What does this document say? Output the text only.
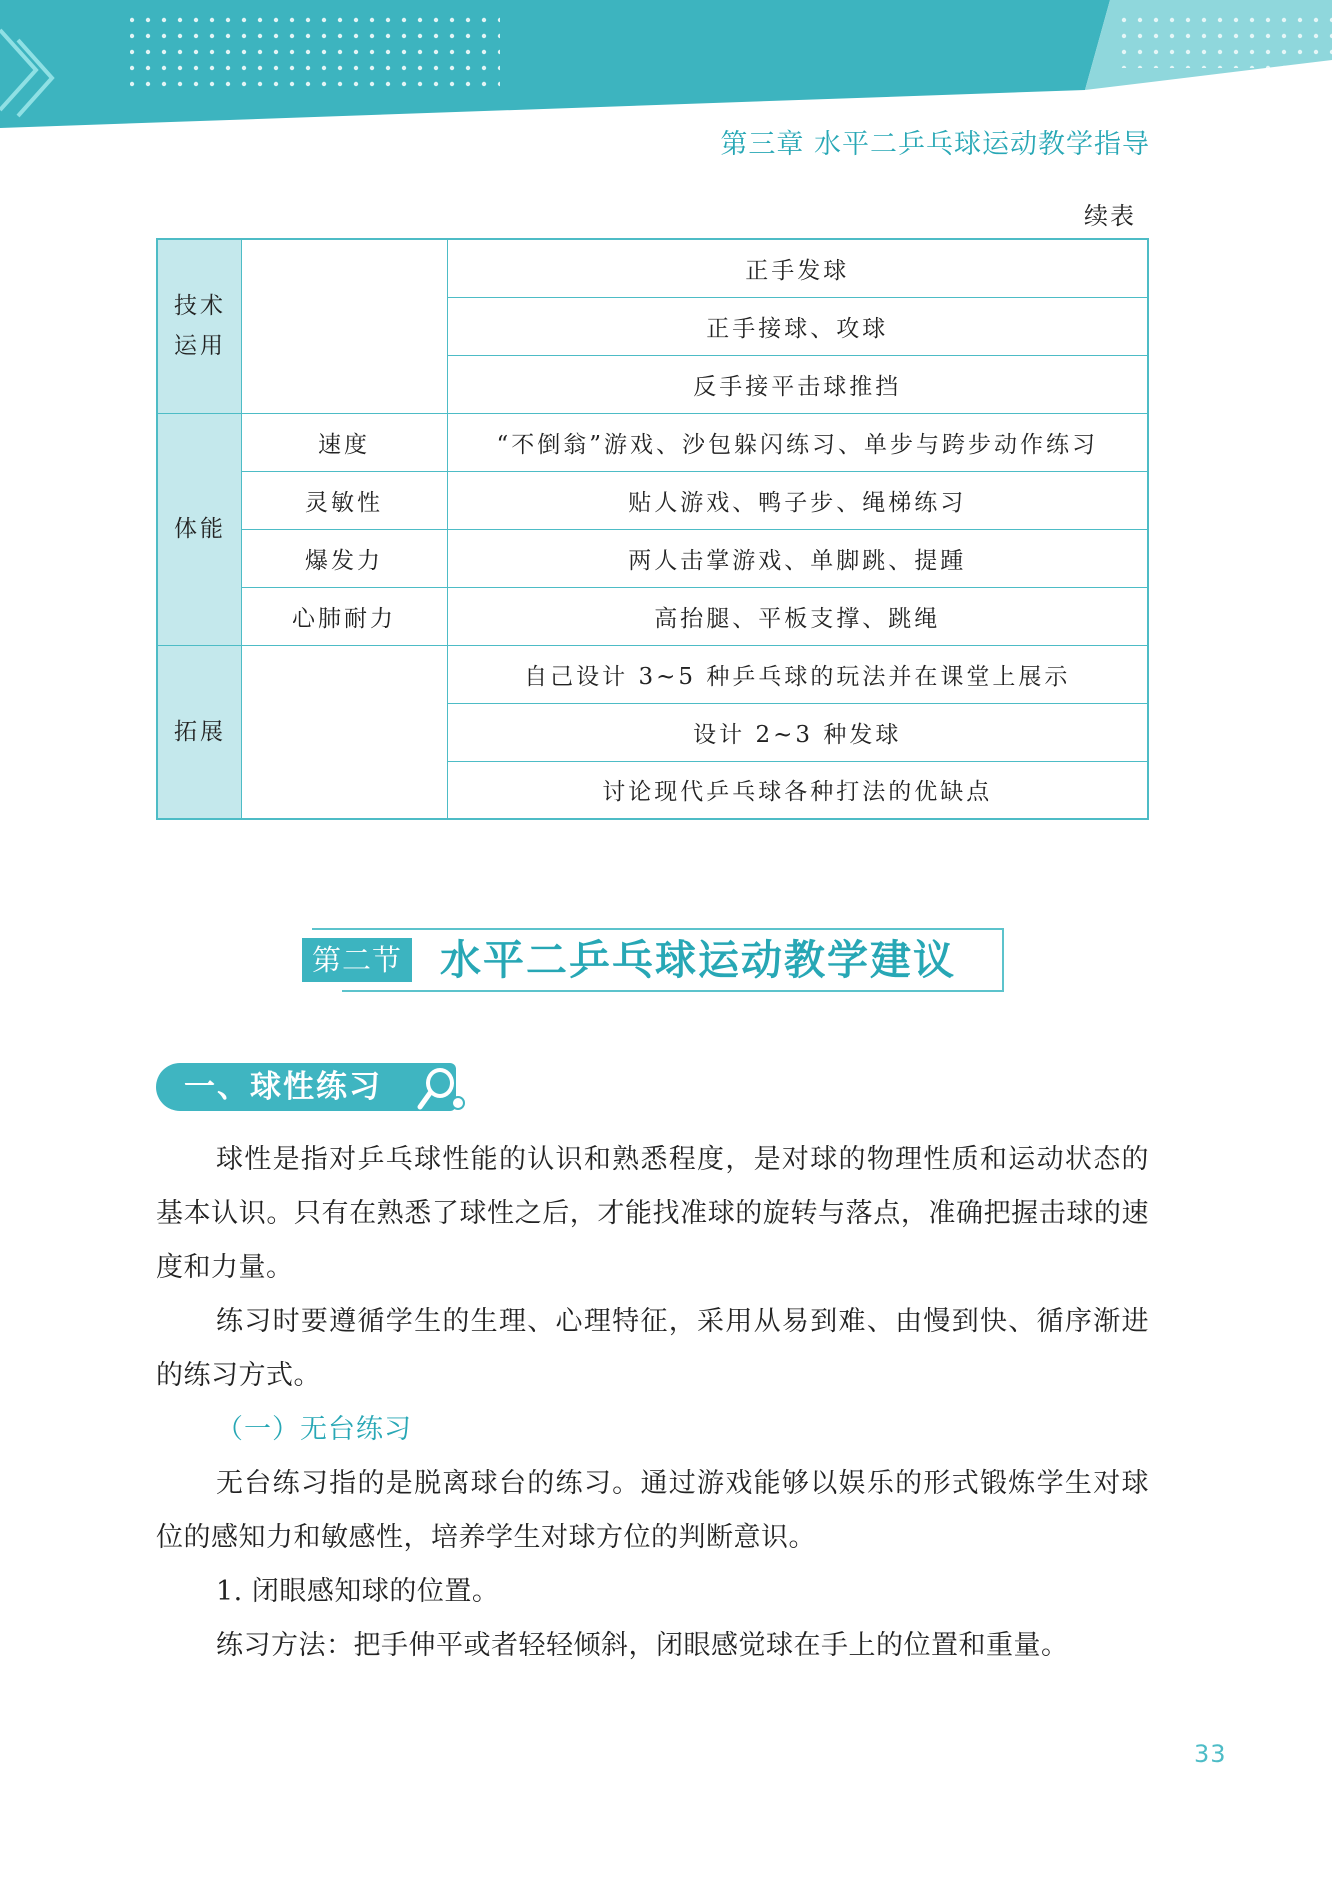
第三章 水平二乒乓球运动教学指导
续表
技术
运用		正手发球
		正手接球、攻球
		反手接平击球推挡
体能	速度	“不倒翁”游戏、沙包躲闪练习、单步与跨步动作练习
	灵敏性	贴人游戏、鸭子步、绳梯练习
	爆发力	两人击掌游戏、单脚跳、提踵
	心肺耐力	高抬腿、平板支撑、跳绳
拓展		自己设计 3~5 种乒乓球的玩法并在课堂上展示
		设计 2~3 种发球
		讨论现代乒乓球各种打法的优缺点
第二节 水平二乒乓球运动教学建议
一、球性练习

球性是指对乒乓球性能的认识和熟悉程度，是对球的物理性质和运动状态的基本认识。只有在熟悉了球性之后，才能找准球的旋转与落点，准确把握击球的速度和力量。

练习时要遵循学生的生理、心理特征，采用从易到难、由慢到快、循序渐进的练习方式。

（一）无台练习

无台练习指的是脱离球台的练习。通过游戏能够以娱乐的形式锻炼学生对球位的感知力和敏感性，培养学生对球方位的判断意识。

1. 闭眼感知球的位置。

练习方法：把手伸平或者轻轻倾斜，闭眼感觉球在手上的位置和重量。

33
